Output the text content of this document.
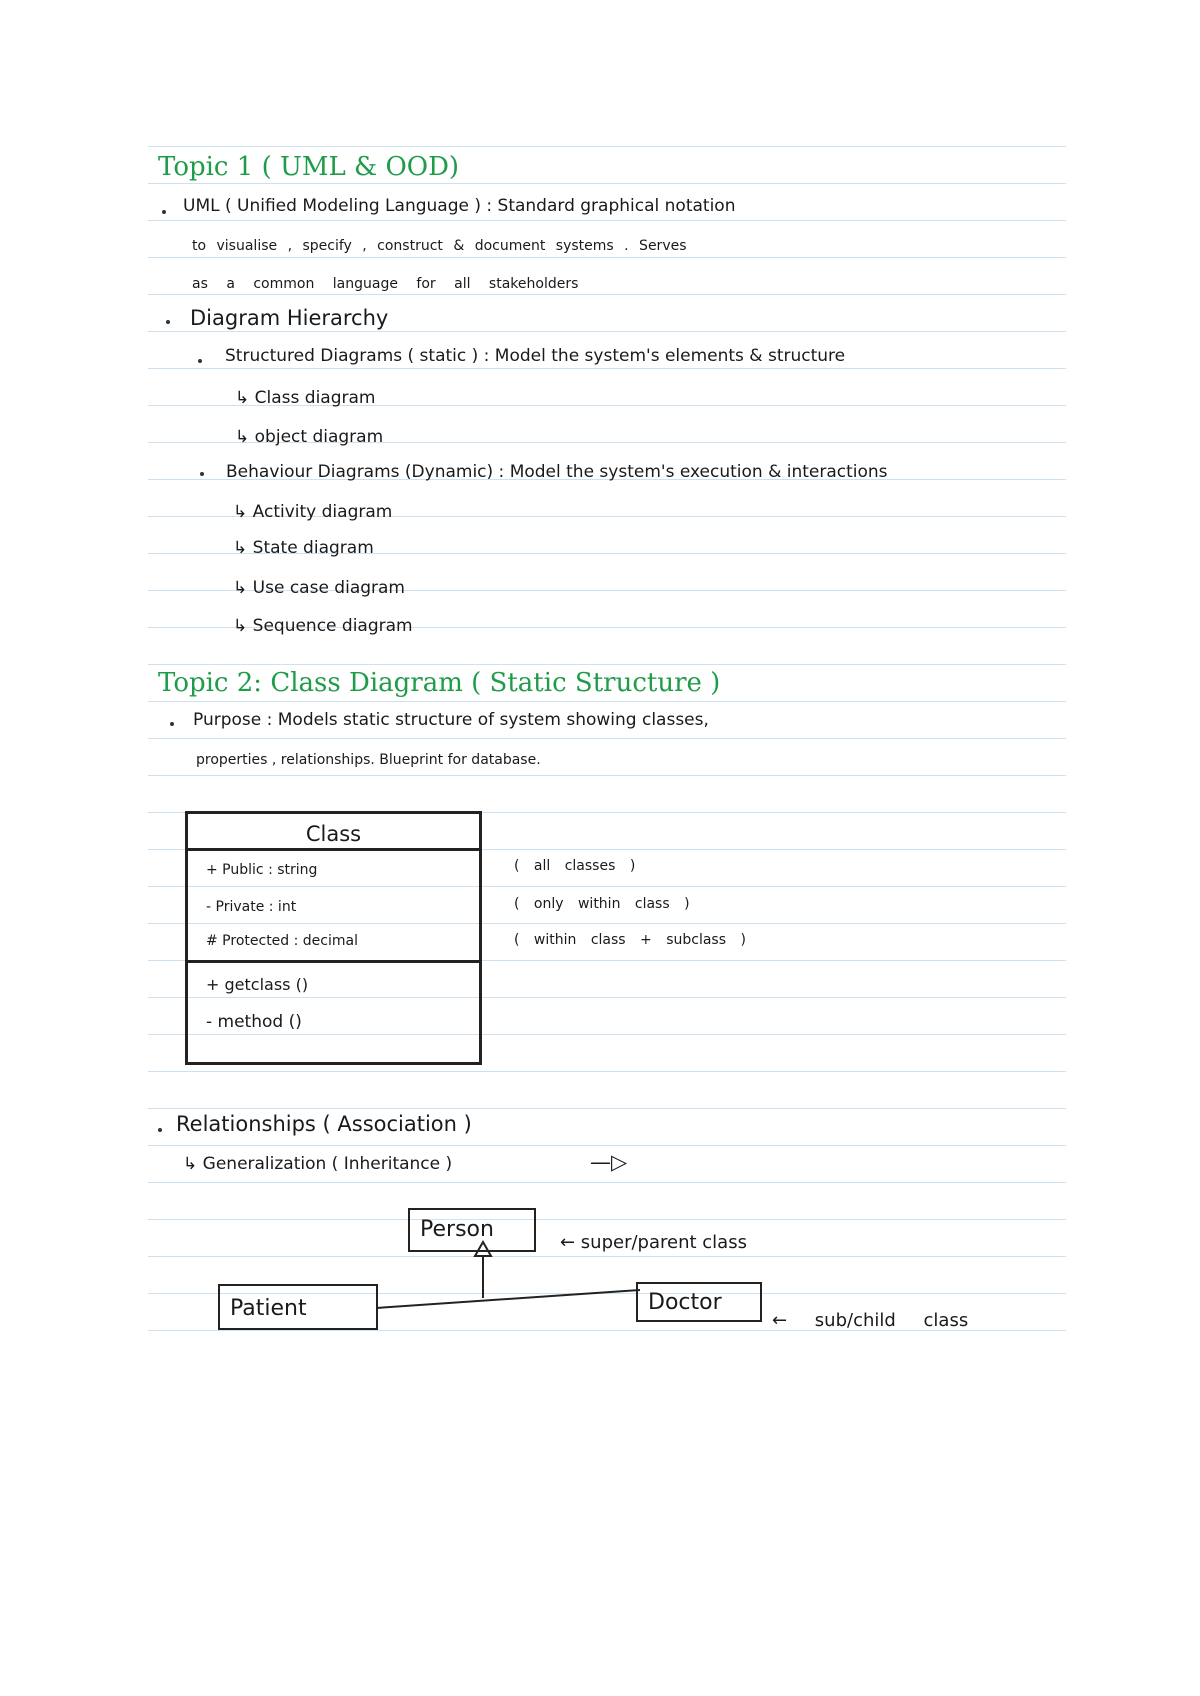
Topic 1 ( UML & OOD)
UML ( Unified Modeling Language ) : Standard graphical notation
to visualise , specify , construct & document systems . Serves
as a common language for all stakeholders
Diagram Hierarchy
Structured Diagrams ( static ) : Model the system's elements & structure
↳ Class diagram
↳ object diagram
Behaviour Diagrams (Dynamic) : Model the system's execution & interactions
↳ Activity diagram
↳ State diagram
↳ Use case diagram
↳ Sequence diagram
Topic 2: Class Diagram ( Static Structure )
Purpose : Models static structure of system showing classes,
properties , relationships. Blueprint for database.
Class
+ Public : string
- Private : int
# Protected : decimal
+ getclass ()
- method ()
( all classes )
( only within class )
( within class + subclass )
Relationships ( Association )
↳ Generalization ( Inheritance )	—▷
Person
← super/parent class
Patient	Doctor
← sub/child class
